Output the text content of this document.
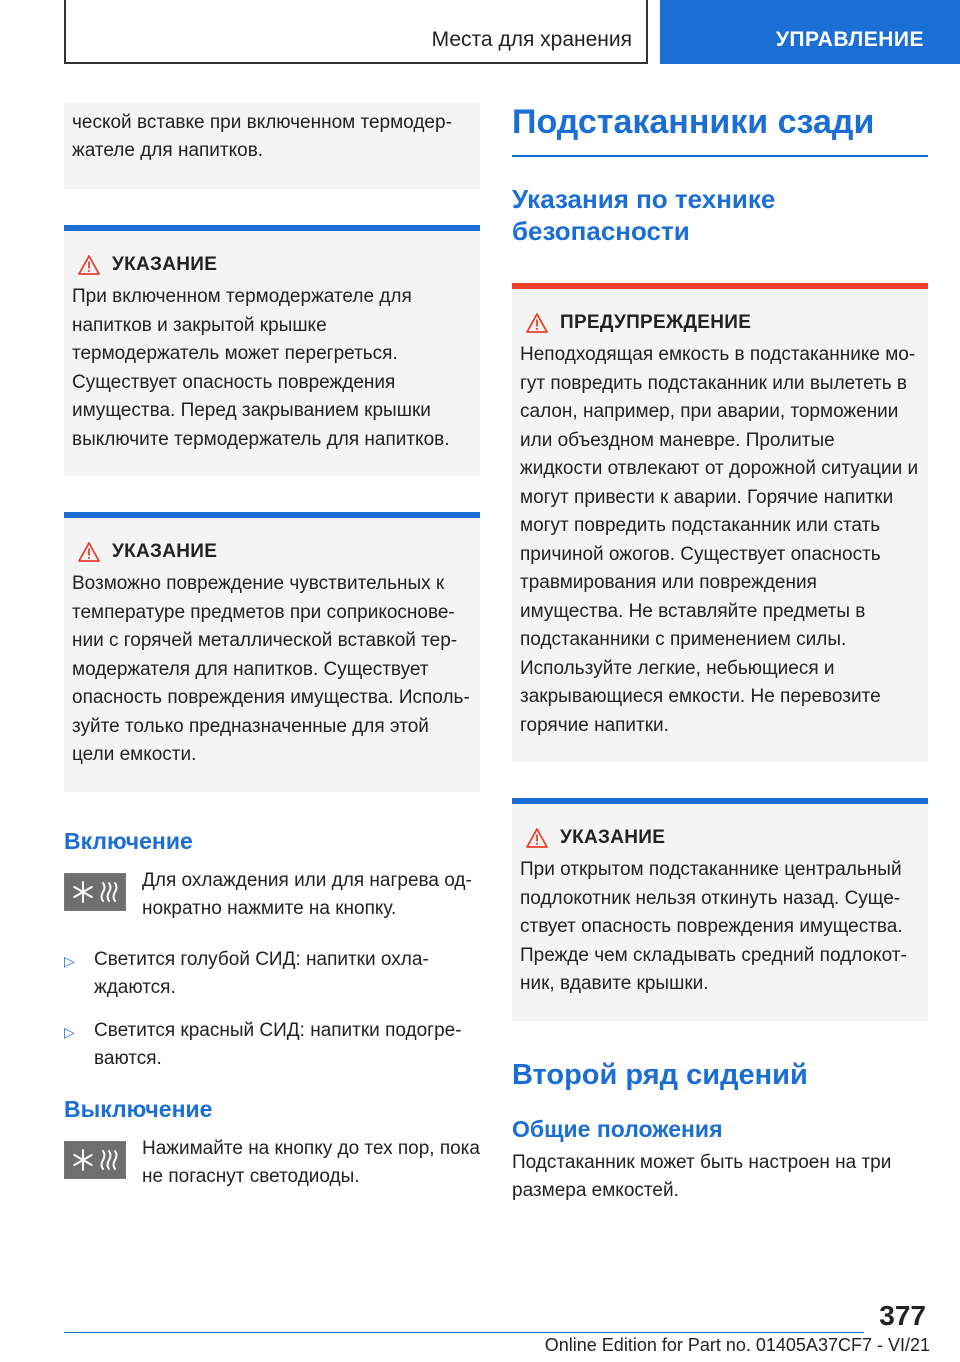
Места для хранения	УПРАВЛЕНИЕ
ческой вставке при включенном термодержателе для напитков.
УКАЗАНИЕ
При включенном термодержателе для напитков и закрытой крышке термодержатель может перегреться. Существует опасность повреждения имущества. Перед закрыванием крышки выключите термодержатель для напитков.
УКАЗАНИЕ
Возможно повреждение чувствительных к температуре предметов при соприкосновении с горячей металлической вставкой термодержателя для напитков. Существует опасность повреждения имущества. Используйте только предназначенные для этой цели емкости.
Включение
Для охлаждения или для нагрева однократно нажмите на кнопку.
▷	Светится голубой СИД: напитки охлаждаются.
▷	Светится красный СИД: напитки подогреваются.
Выключение
Нажимайте на кнопку до тех пор, пока не погаснут светодиоды.
Подстаканники сзади
Указания по технике безопасности
ПРЕДУПРЕЖДЕНИЕ
Неподходящая емкость в подстаканнике могут повредить подстаканник или вылететь в салон, например, при аварии, торможении или объездном маневре. Пролитые жидкости отвлекают от дорожной ситуации и могут привести к аварии. Горячие напитки могут повредить подстаканник или стать причиной ожогов. Существует опасность травмирования или повреждения имущества. Не вставляйте предметы в подстаканники с применением силы. Используйте легкие, небьющиеся и закрывающиеся емкости. Не перевозите горячие напитки.
УКАЗАНИЕ
При открытом подстаканнике центральный подлокотник нельзя откинуть назад. Существует опасность повреждения имущества. Прежде чем складывать средний подлокотник, вдавите крышки.
Второй ряд сидений
Общие положения
Подстаканник может быть настроен на три размера емкостей.
377
Online Edition for Part no. 01405A37CF7 - VI/21
